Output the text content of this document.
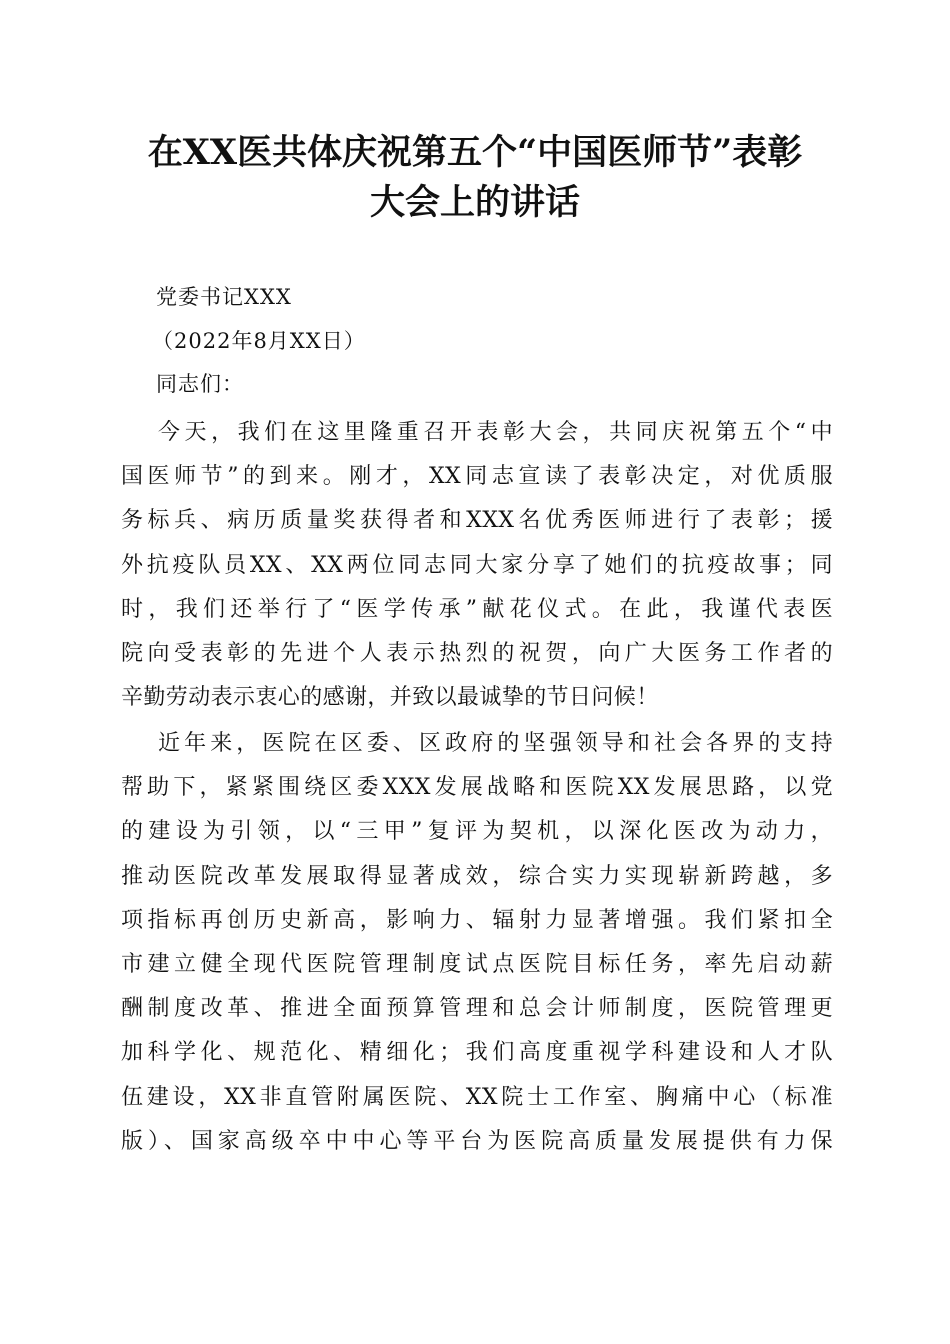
在XX医共体庆祝第五个“中国医师节”表彰
大会上的讲话
党委书记XXX
（2022年8月XX日）
同志们：
今天，我们在这里隆重召开表彰大会，共同庆祝第五个“中
国医师节”的到来。刚才，XX同志宣读了表彰决定，对优质服
务标兵、病历质量奖获得者和XXX名优秀医师进行了表彰；援
外抗疫队员XX、XX两位同志同大家分享了她们的抗疫故事；同
时，我们还举行了“医学传承”献花仪式。在此，我谨代表医
院向受表彰的先进个人表示热烈的祝贺，向广大医务工作者的
辛勤劳动表示衷心的感谢，并致以最诚挚的节日问候！
近年来，医院在区委、区政府的坚强领导和社会各界的支持
帮助下，紧紧围绕区委XXX发展战略和医院XX发展思路，以党
的建设为引领，以“三甲”复评为契机，以深化医改为动力，
推动医院改革发展取得显著成效，综合实力实现崭新跨越，多
项指标再创历史新高，影响力、辐射力显著增强。我们紧扣全
市建立健全现代医院管理制度试点医院目标任务，率先启动薪
酬制度改革、推进全面预算管理和总会计师制度，医院管理更
加科学化、规范化、精细化；我们高度重视学科建设和人才队
伍建设，XX非直管附属医院、XX院士工作室、胸痛中心（标准
版）、国家高级卒中中心等平台为医院高质量发展提供有力保
